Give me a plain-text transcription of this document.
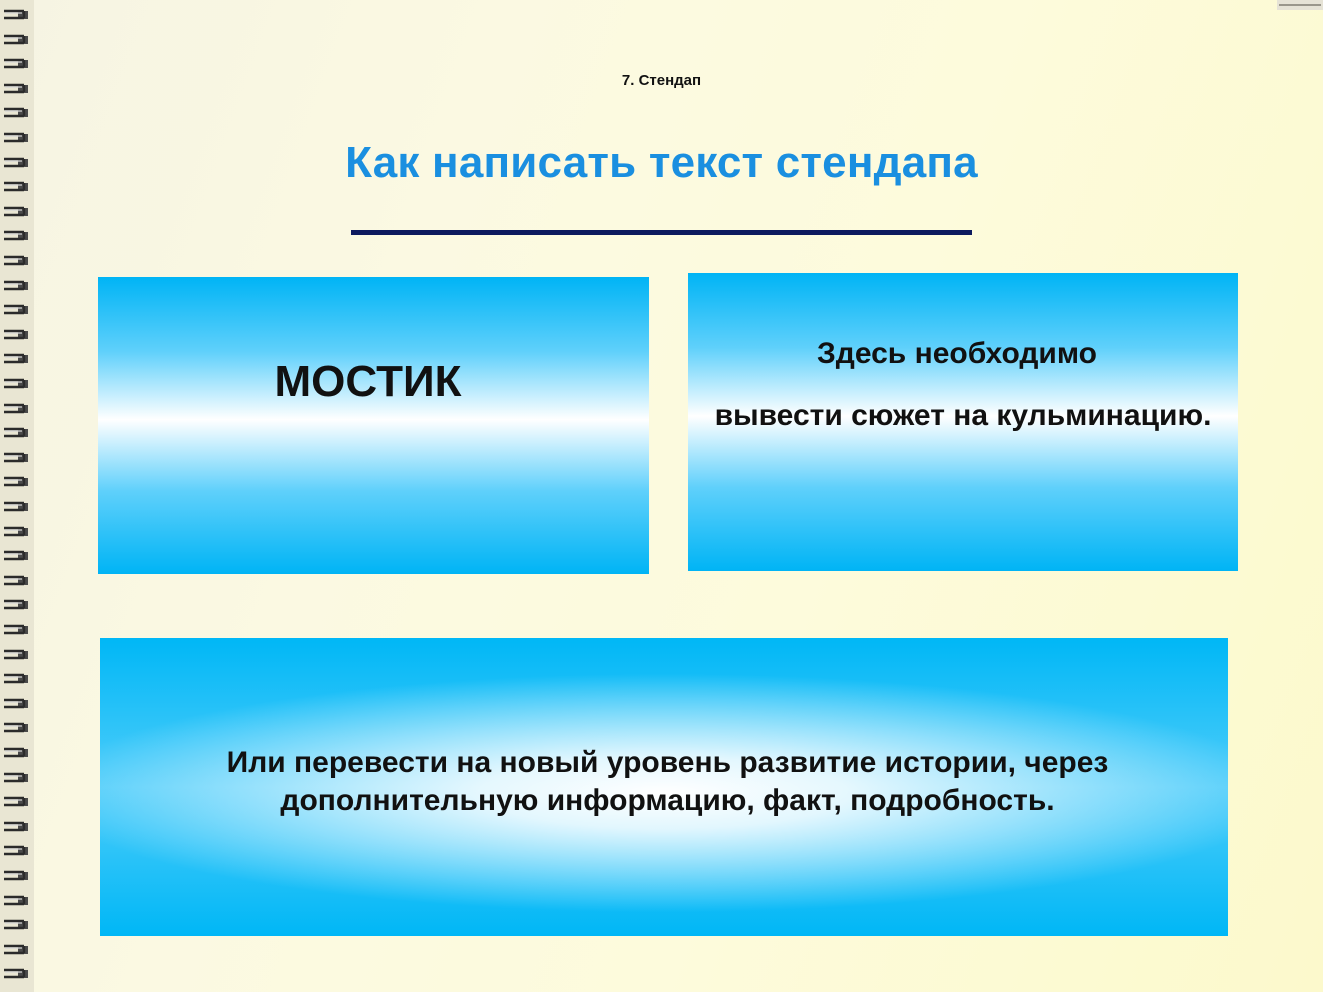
7. Стендап
Как написать текст стендапа
МОСТИК
Здесь необходимо
вывести сюжет на кульминацию.
Или перевести на новый уровень развитие истории, через дополнительную информацию, факт, подробность.
